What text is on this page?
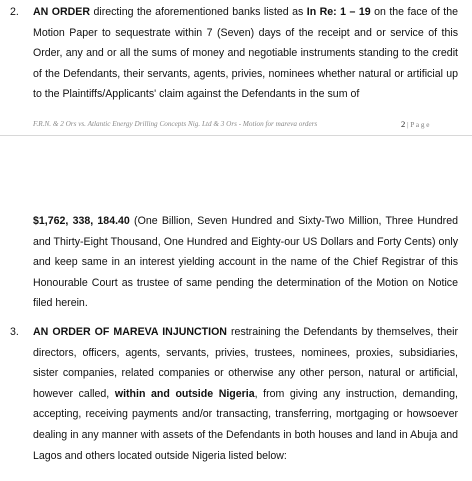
2. AN ORDER directing the aforementioned banks listed as In Re: 1 – 19 on the face of the Motion Paper to sequestrate within 7 (Seven) days of the receipt and or service of this Order, any and or all the sums of money and negotiable instruments standing to the credit of the Defendants, their servants, agents, privies, nominees whether natural or artificial up to the Plaintiffs/Applicants' claim against the Defendants in the sum of
F.R.N. & 2 Ors vs. Atlantic Energy Drilling Concepts Nig. Ltd & 3 Ors - Motion for mareva orders	2 | P a g e
$1,762, 338, 184.40 (One Billion, Seven Hundred and Sixty-Two Million, Three Hundred and Thirty-Eight Thousand, One Hundred and Eighty-our US Dollars and Forty Cents) only and keep same in an interest yielding account in the name of the Chief Registrar of this Honourable Court as trustee of same pending the determination of the Motion on Notice filed herein.
3. AN ORDER OF MAREVA INJUNCTION restraining the Defendants by themselves, their directors, officers, agents, servants, privies, trustees, nominees, proxies, subsidiaries, sister companies, related companies or otherwise any other person, natural or artificial, however called, within and outside Nigeria, from giving any instruction, demanding, accepting, receiving payments and/or transacting, transferring, mortgaging or howsoever dealing in any manner with assets of the Defendants in both houses and land in Abuja and Lagos and others located outside Nigeria listed below:
